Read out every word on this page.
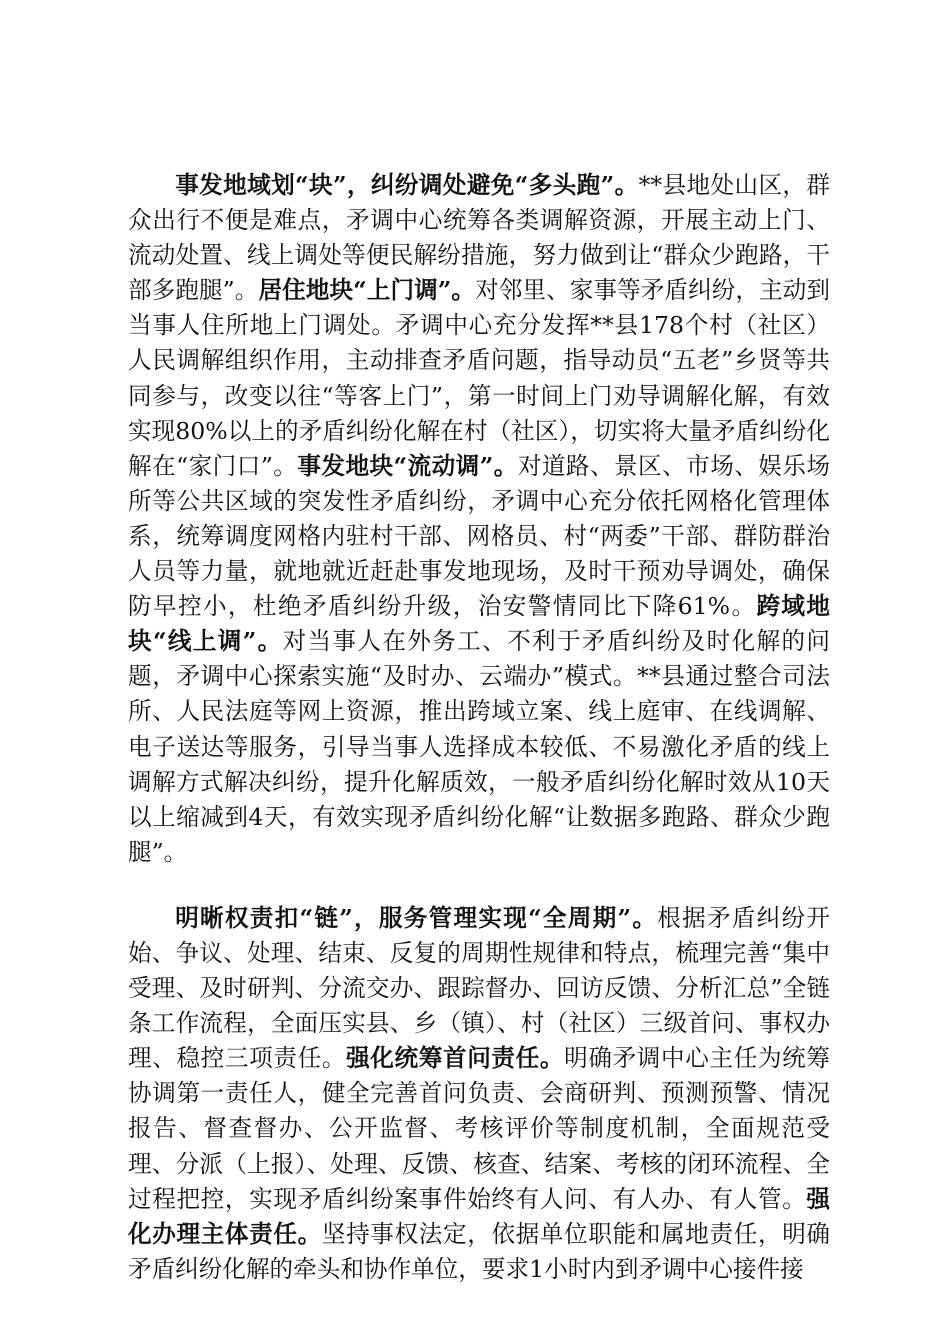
事发地域划“块”，纠纷调处避免“多头跑”。**县地处山区，群众出行不便是难点，矛调中心统筹各类调解资源，开展主动上门、流动处置、线上调处等便民解纷措施，努力做到让“群众少跑路，干部多跑腿”。居住地块“上门调”。对邻里、家事等矛盾纠纷，主动到当事人住所地上门调处。矛调中心充分发挥**县178个村（社区）人民调解组织作用，主动排查矛盾问题，指导动员“五老”乡贤等共同参与，改变以往“等客上门”，第一时间上门劝导调解化解，有效实现80%以上的矛盾纠纷化解在村（社区），切实将大量矛盾纠纷化解在“家门口”。事发地块“流动调”。对道路、景区、市场、娱乐场所等公共区域的突发性矛盾纠纷，矛调中心充分依托网格化管理体系，统筹调度网格内驻村干部、网格员、村“两委”干部、群防群治人员等力量，就地就近赶赴事发地现场，及时干预劝导调处，确保防早控小，杜绝矛盾纠纷升级，治安警情同比下降61%。跨域地块“线上调”。对当事人在外务工、不利于矛盾纠纷及时化解的问题，矛调中心探索实施“及时办、云端办”模式。**县通过整合司法所、人民法庭等网上资源，推出跨域立案、线上庭审、在线调解、电子送达等服务，引导当事人选择成本较低、不易激化矛盾的线上调解方式解决纠纷，提升化解质效，一般矛盾纠纷化解时效从10天以上缩减到4天，有效实现矛盾纠纷化解“让数据多跑路、群众少跑腿”。

明晰权责扣“链”，服务管理实现“全周期”。根据矛盾纠纷开始、争议、处理、结束、反复的周期性规律和特点，梳理完善“集中受理、及时研判、分流交办、跟踪督办、回访反馈、分析汇总”全链条工作流程，全面压实县、乡（镇）、村（社区）三级首问、事权办理、稳控三项责任。强化统筹首问责任。明确矛调中心主任为统筹协调第一责任人，健全完善首问负责、会商研判、预测预警、情况报告、督查督办、公开监督、考核评价等制度机制，全面规范受理、分派（上报）、处理、反馈、核查、结案、考核的闭环流程、全过程把控，实现矛盾纠纷案事件始终有人问、有人办、有人管。强化办理主体责任。坚持事权法定，依据单位职能和属地责任，明确矛盾纠纷化解的牵头和协作单位，要求1小时内到矛调中心接件接
